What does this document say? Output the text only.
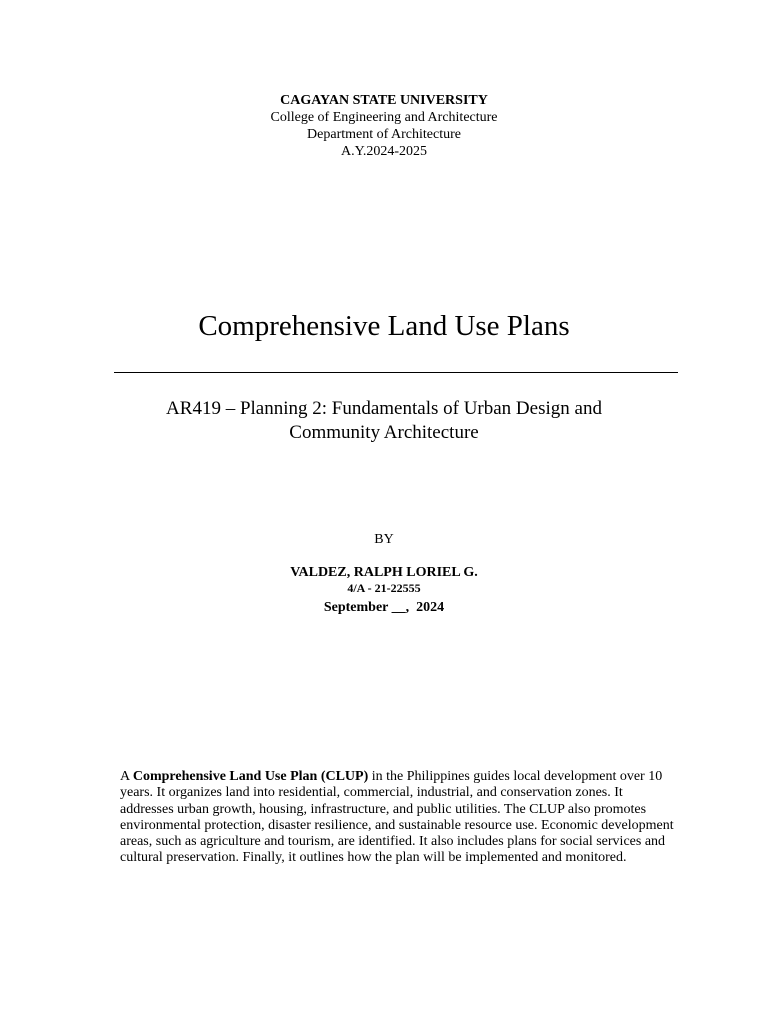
CAGAYAN STATE UNIVERSITY
College of Engineering and Architecture
Department of Architecture
A.Y.2024-2025
Comprehensive Land Use Plans
AR419 – Planning 2: Fundamentals of Urban Design and
Community Architecture
BY
VALDEZ, RALPH LORIEL G.
4/A - 21-22555
September __,  2024

A Comprehensive Land Use Plan (CLUP) in the Philippines guides local development over 10 years. It organizes land into residential, commercial, industrial, and conservation zones. It addresses urban growth, housing, infrastructure, and public utilities. The CLUP also promotes environmental protection, disaster resilience, and sustainable resource use. Economic development areas, such as agriculture and tourism, are identified. It also includes plans for social services and cultural preservation. Finally, it outlines how the plan will be implemented and monitored.
